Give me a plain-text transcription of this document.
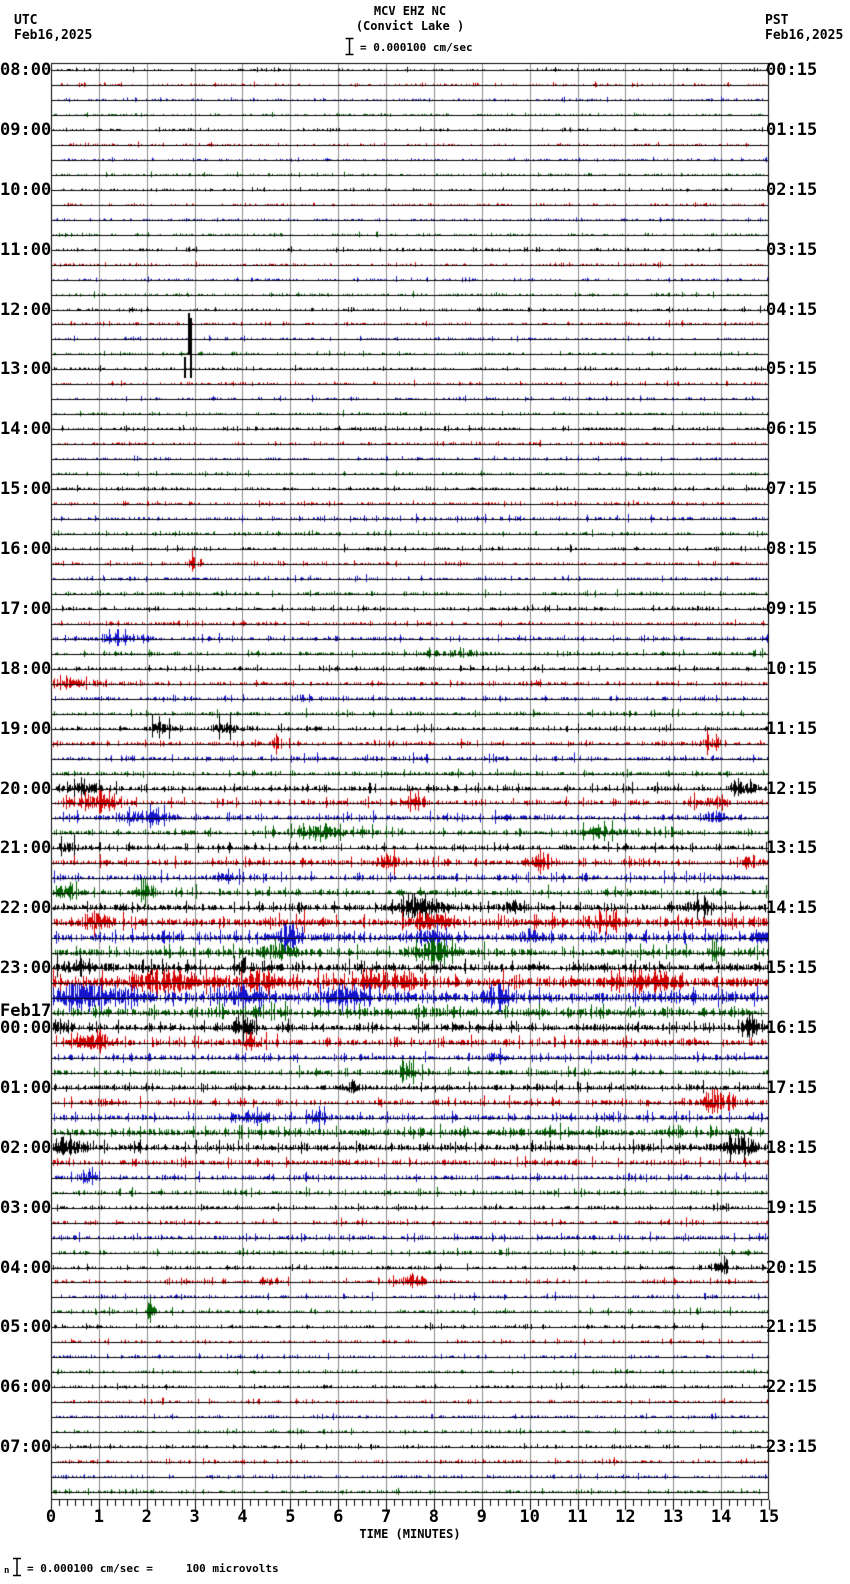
UTC
Feb16,2025
PST
Feb16,2025
MCV EHZ NC
(Convict Lake )
= 0.000100 cm/sec
TIME (MINUTES)
n = 0.000100 cm/sec =     100 microvolts
08:00	00:15
09:00	01:15
10:00	02:15
11:00	03:15
12:00	04:15
13:00	05:15
14:00	06:15
15:00	07:15
16:00	08:15
17:00	09:15
18:00	10:15
19:00	11:15
20:00	12:15
21:00	13:15
22:00	14:15
23:00	15:15
00:00	16:15
01:00	17:15
02:00	18:15
03:00	19:15
04:00	20:15
05:00	21:15
06:00	22:15
07:00	23:15
Feb17
0	1	2	3	4	5	6	7	8	9	10 11 12 13 14 15
